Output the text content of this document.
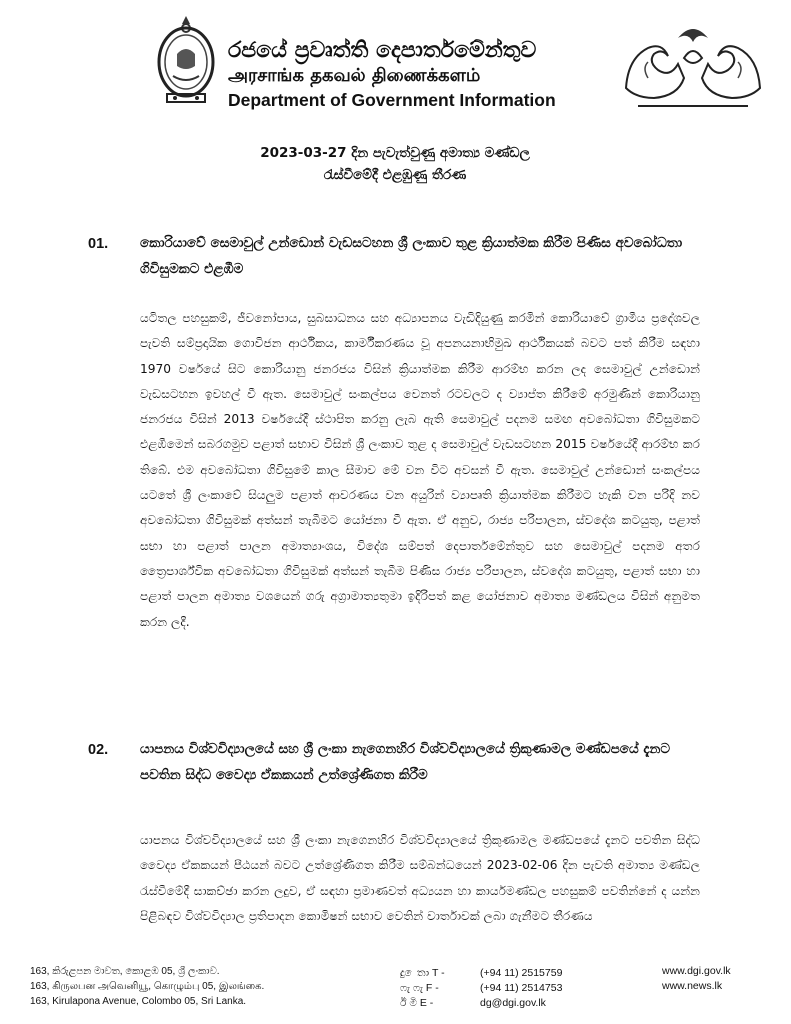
රජයේ ප්‍රවෘත්ති දෙපාර්තමේන්තුව
அரசாங்க தகவல் திணைக்களம்
Department of Government Information
2023-03-27 දින පැවැත්වුණු අමාත්‍ය මණ්ඩල
රැස්වීමේදී එළඹුණු තීරණ
01. කොරියාවේ සෙමාවුල් උන්ඩොන් වැඩසටහන ශ්‍රී ලංකාව තුළ ක්‍රියාත්මක කිරීම පිණිස අවබෝධතා ගිවිසුමකට එළඹීම
යටිතල පහසුකම්, ජීවනෝපාය, සුබසාධනය සහ අධ්‍යාපනය වැඩිදියුණු කරමින් කොරියාවේ ග්‍රාමීය ප්‍රදේශවල පැවති සම්ප්‍රදායික ගොවිජන ආර්ථිකය, කාර්මීකරණය වූ අපනයනාභිමුඛ ආර්ථිකයක් බවට පත් කිරීම සඳහා 1970 වර්ෂයේ සිට කොරියානු ජනරජය විසින් ක්‍රියාත්මක කිරීම ආරම්භ කරන ලද සෙමාවුල් උන්ඩොන් වැඩසටහන ඉවහල් වී ඇත. සෙමාවුල් සංකල්පය වෙනත් රටවලට ද ව්‍යාප්ත කිරීමේ අරමුණින් කොරියානු ජනරජය විසින් 2013 වර්ෂයේදී ස්ථාපිත කරනු ලැබ ඇති සෙමාවුල් පදනම සමඟ අවබෝධතා ගිවිසුමකට එළඹීමෙන් සබරගමුව පළාත් සභාව විසින් ශ්‍රී ලංකාව තුළ ද සෙමාවුල් වැඩසටහන 2015 වර්ෂයේදී ආරම්භ කර තිබේ. එම අවබෝධතා ගිවිසුමේ කාල සීමාව මේ වන විට අවසන් වී ඇත. සෙමාවුල් උන්ඩොන් සංකල්පය යටතේ ශ්‍රී ලංකාවේ සියලුම පළාත් ආවරණය වන අයුරින් ව්‍යාපෘති ක්‍රියාත්මක කිරීමට හැකි වන පරිදි නව අවබෝධතා ගිවිසුමක් අත්සන් තැබීමට යෝජනා වී ඇත. ඒ අනුව, රාජ්‍ය පරිපාලන, ස්වදේශ කටයුතු, පළාත් සභා හා පළාත් පාලන අමාත්‍යාංශය, විදේශ සම්පත් දෙපාර්තමේන්තුව සහ සෙමාවුල් පදනම අතර ත්‍රෛපාර්ශ්වික අවබෝධතා ගිවිසුමක් අත්සන් තැබීම පිණිස රාජ්‍ය පරිපාලන, ස්වදේශ කටයුතු, පළාත් සභා හා පළාත් පාලන අමාත්‍ය වශයෙන් ගරු අග්‍රාමාත්‍යතුමා ඉදිරිපත් කළ යෝජනාව අමාත්‍ය මණ්ඩලය විසින් අනුමත කරන ලදී.
02. යාපනය විශ්වවිද්‍යාලයේ සහ ශ්‍රී ලංකා නැගෙනහිර විශ්වවිද්‍යාලයේ ත්‍රිකුණාමල මණ්ඩපයේ දැනට පවතින සිද්ධ වෛද්‍ය ඒකකයන් උත්ශ්‍රේණිගත කිරීම
යාපනය විශ්වවිද්‍යාලයේ සහ ශ්‍රී ලංකා නැගෙනහිර විශ්වවිද්‍යාලයේ ත්‍රිකුණාමල මණ්ඩපයේ දැනට පවතින සිද්ධ වෛද්‍ය ඒකකයන් පීඨයන් බවට උත්ශ්‍රේණිගත කිරීම සම්බන්ධයෙන් 2023-02-06 දින පැවති අමාත්‍ය මණ්ඩල රැස්වීමේදී සාකච්ඡා කරන ලදුව, ඒ සඳහා ප්‍රමාණවත් අධ්‍යයන හා කාර්යමණ්ඩල පහසුකම් පවතින්නේ ද යන්න පිළිබඳව විශ්වවිද්‍යාල ප්‍රතිපාදන කොමිෂන් සභාව වෙතින් වාර්තාවක් ලබා ගැනීමට තීරණය
163, කිරුළපන මාවත, කොළඹ 05, ශ්‍රී ලංකාව.
163, கிருலபன அவெனியூ, கொழும்பு 05, இலங்கை.
163, Kirulapona Avenue, Colombo 05, Sri Lanka.
දු ෙතා T -	(+94 11) 2515759
ෆැ ෆැ F -	(+94 11) 2514753
ඊ මි E -	dg@dgi.gov.lk
www.dgi.gov.lk
www.news.lk
